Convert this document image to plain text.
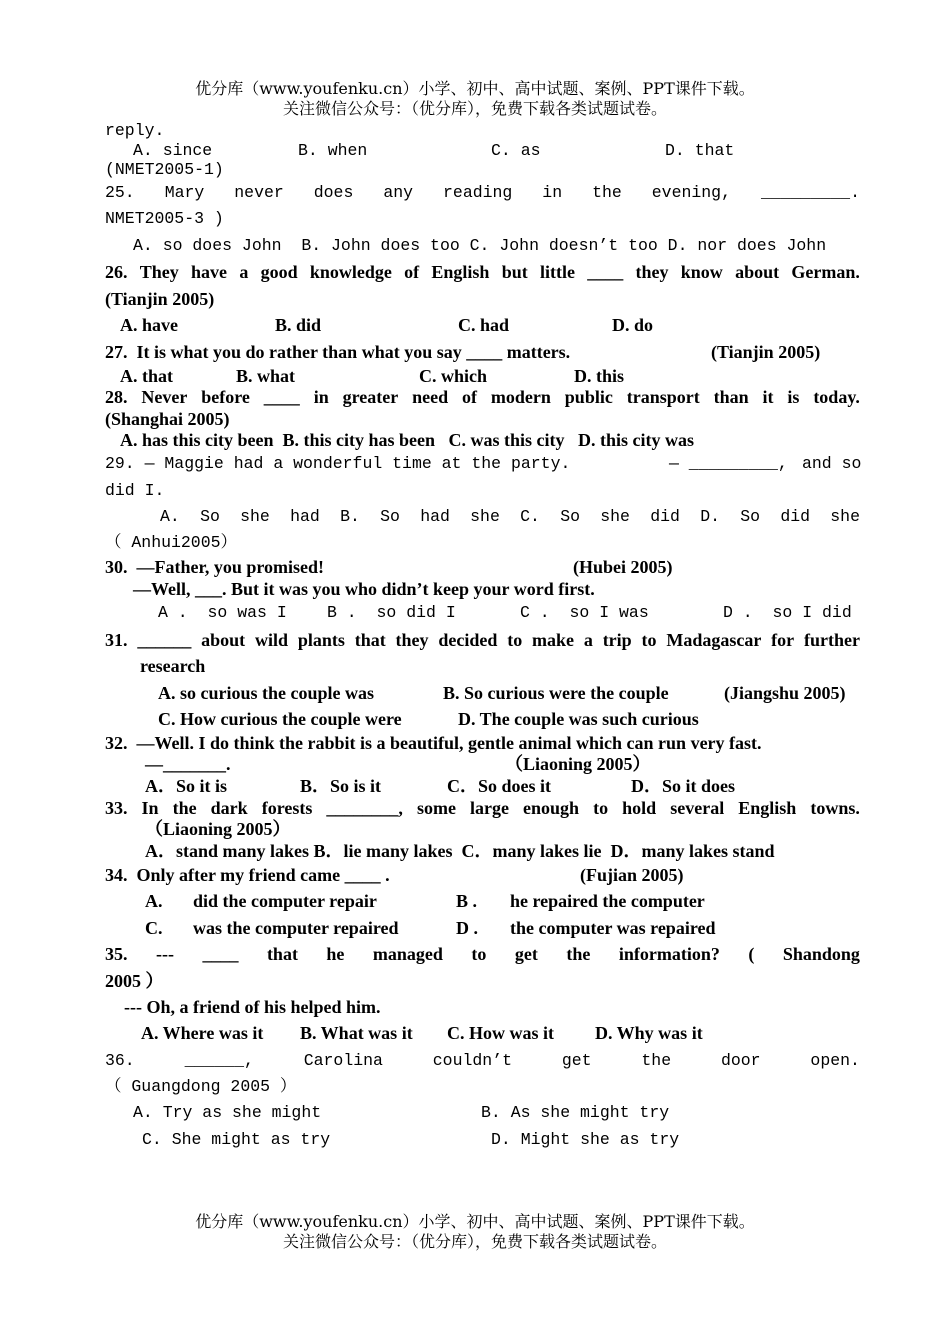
优分库（www.youfenku.cn）小学、初中、高中试题、案例、PPT课件下载。
关注微信公众号：（优分库），免费下载各类试题试卷。
reply.
A. since	B. when	C. as	D. that
(NMET2005-1)
25. Mary never does any reading in the evening, _________.
NMET2005-3 )
A. so does John  B. John does too C. John doesn’t too D. nor does John
26. They have a good knowledge of English but little ____ they know about German.
(Tianjin 2005)
A. have	B. did	C. had	D. do
27.  It is what you do rather than what you say ____ matters.	(Tianjin 2005)
A. that	B. what	C. which	D. this
28. Never before ____ in greater need of modern public transport than it is today.
(Shanghai 2005)
A. has this city been  B. this city has been   C. was this city   D. this city was
29. — Maggie had a wonderful time at the party.	— _________, and so
did I.
A. So she had B. So had she C. So she did D. So did she
（ Anhui2005）
30.  —Father, you promised!	(Hubei 2005)
—Well, ___. But it was you who didn’t keep your word first.
A .  so was I B .  so did I	C .  so I was	D .  so I did
31. ______ about wild plants that they decided to make a trip to Madagascar for further
research
A. so curious the couple was	B. So curious were the couple	(Jiangshu 2005)
C. How curious the couple were	D. The couple was such curious
32.  —Well. I do think the rabbit is a beautiful, gentle animal which can run very fast.
—_______.	（Liaoning 2005）
A．So it is	B．So is it	C．So does it	D．So it does
33. In the dark forests ________, some large enough to hold several English towns.
（Liaoning 2005）
A．stand many lakes B．lie many lakes  C．many lakes lie  D．many lakes stand
34.  Only after my friend came ____ .	(Fujian 2005)
A. did the computer repair	B . he repaired the computer
C. was the computer repaired	D . the computer was repaired
35. --- ____ that he managed to get the information? ( Shandong
2005 ）
--- Oh, a friend of his helped him.
A. Where was it B. What was it C. How was it D. Why was it
36.	______,	Carolina	couldn’t	get	the	door	open.
（ Guangdong 2005 ）
A. Try as she might	B. As she might try
C. She might as try	D. Might she as try
优分库（www.youfenku.cn）小学、初中、高中试题、案例、PPT课件下载。
关注微信公众号：（优分库），免费下载各类试题试卷。
